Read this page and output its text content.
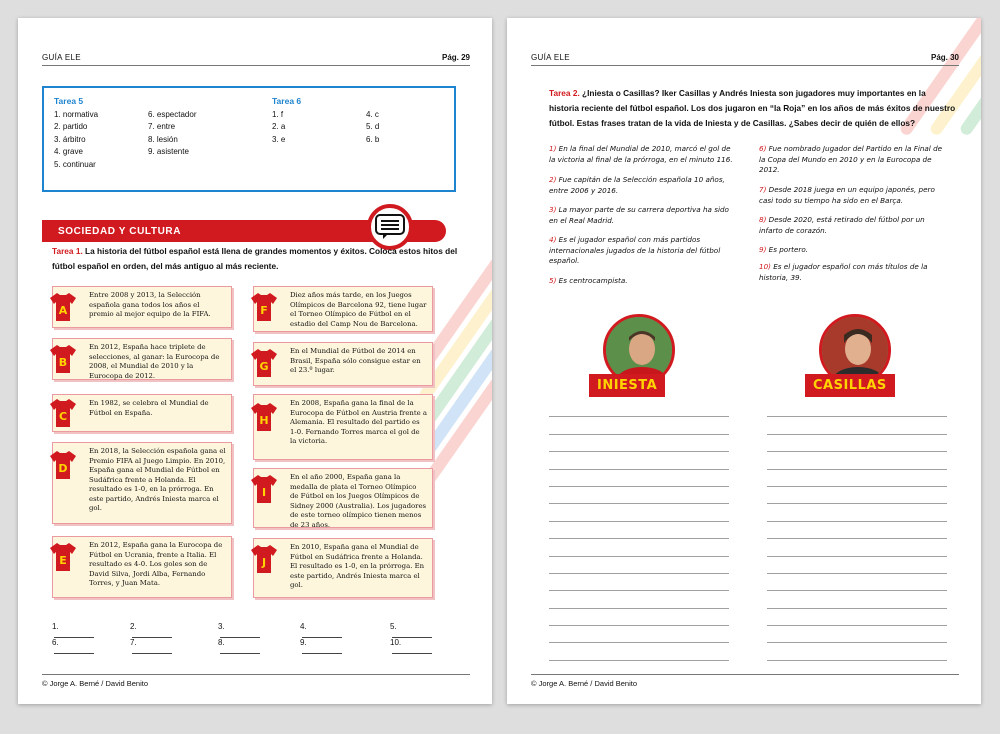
GUÍA ELE	Pág. 29
Tarea 5
1. normativa
2. partido
3. árbitro
4. grave
5. continuar
6. espectador
7. entre
8. lesión
9. asistente
Tarea 6
1. f
2. a
3. e
4. c
5. d
6. b
SOCIEDAD Y CULTURA
Tarea 1. La historia del fútbol español está llena de grandes momentos y éxitos. Coloca estos hitos del fútbol español en orden, del más antiguo al más reciente.
Entre 2008 y 2013, la Selección española gana todos los años el premio al mejor equipo de la FIFA.
En 2012, España hace triplete de selecciones, al ganar: la Eurocopa de 2008, el Mundial de 2010 y la Eurocopa de 2012.
En 1982, se celebra el Mundial de Fútbol en España.
En 2018, la Selección española gana el Premio FIFA al Juego Limpio. En 2010, España gana el Mundial de Fútbol en Sudáfrica frente a Holanda. El resultado es 1-0, en la prórroga. En este partido, Andrés Iniesta marca el gol.
En 2012, España gana la Eurocopa de Fútbol en Ucrania, frente a Italia. El resultado es 4-0. Los goles son de David Silva, Jordi Alba, Fernando Torres, y Juan Mata.
Diez años más tarde, en los Juegos Olímpicos de Barcelona 92, tiene lugar el Torneo Olímpico de Fútbol en el estadio del Camp Nou de Barcelona.
En el Mundial de Fútbol de 2014 en Brasil, España sólo consigue estar en el 23.º lugar.
En 2008, España gana la final de la Eurocopa de Fútbol en Austria frente a Alemania. El resultado del partido es 1-0. Fernando Torres marca el gol de la victoria.
En el año 2000, España gana la medalla de plata el Torneo Olímpico de Fútbol en los Juegos Olímpicos de Sidney 2000 (Australia). Los jugadores de este torneo olímpico tienen menos de 23 años.
En 2010, España gana el Mundial de Fútbol en Sudáfrica frente a Holanda. El resultado es 1-0, en la prórroga. En este partido, Andrés Iniesta marca el gol.
A
B
C
D
E
F
G
H
I
J
1.	2.	3.	4.	5.
6.	7.	8.	9.	10.
© Jorge A. Berné / David Benito
GUÍA ELE	Pág. 30
Tarea 2. ¿Iniesta o Casillas? Iker Casillas y Andrés Iniesta son jugadores muy importantes en la historia reciente del fútbol español. Los dos jugaron en “la Roja” en los años de más éxitos de nuestro fútbol. Estas frases tratan de la vida de Iniesta y de Casillas. ¿Sabes decir de quién de ellos?
1) En la final del Mundial de 2010, marcó el gol de la victoria al final de la prórroga, en el minuto 116.
2) Fue capitán de la Selección española 10 años, entre 2006 y 2016.
3) La mayor parte de su carrera deportiva ha sido en el Real Madrid.
4) Es el jugador español con más partidos internacionales jugados de la historia del fútbol español.
5) Es centrocampista.
6) Fue nombrado Jugador del Partido en la Final de la Copa del Mundo en 2010 y en la Eurocopa de 2012.
7) Desde 2018 juega en un equipo japonés, pero casi todo su tiempo ha sido en el Barça.
8) Desde 2020, está retirado del fútbol por un infarto de corazón.
9) Es portero.
10) Es el jugador español con más títulos de la historia, 39.
INIESTA	CASILLAS
© Jorge A. Berné / David Benito
